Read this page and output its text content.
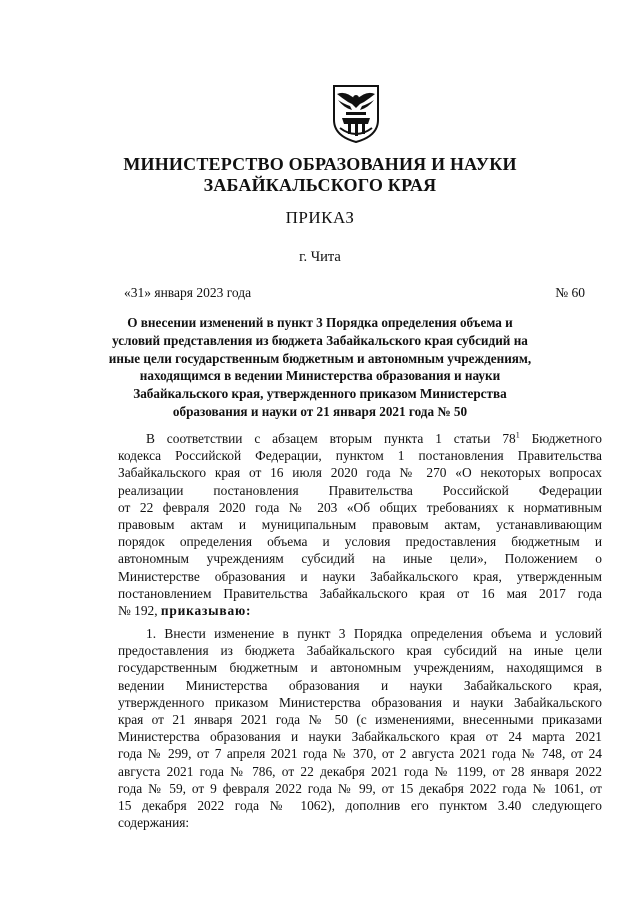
МИНИСТЕРСТВО ОБРАЗОВАНИЯ И НАУКИ
ЗАБАЙКАЛЬСКОГО КРАЯ
ПРИКАЗ
г. Чита
«31» января 2023 года	№ 60
О внесении изменений в пункт 3 Порядка определения объема и
условий представления из бюджета Забайкальского края субсидий на
иные цели государственным бюджетным и автономным учреждениям,
находящимся в ведении Министерства образования и науки
Забайкальского края, утвержденного приказом Министерства
образования и науки от 21 января 2021 года № 50
В соответствии с абзацем вторым пункта 1 статьи $78^1$ Бюджетного
кодекса Российской Федерации, пунктом 1 постановления Правительства
Забайкальского края от 16 июля 2020 года № 270 «О некоторых вопросах
реализации постановления Правительства Российской Федерации
от 22 февраля 2020 года № 203 «Об общих требованиях к нормативным
правовым актам и муниципальным правовым актам, устанавливающим
порядок определения объема и условия предоставления бюджетным и
автономным учреждениям субсидий на иные цели», Положением о
Министерстве образования и науки Забайкальского края, утвержденным
постановлением Правительства Забайкальского края от 16 мая 2017 года
№ 192, приказываю:
1. Внести изменение в пункт 3 Порядка определения объема и условий
предоставления из бюджета Забайкальского края субсидий на иные цели
государственным бюджетным и автономным учреждениям, находящимся в
ведении Министерства образования и науки Забайкальского края,
утвержденного приказом Министерства образования и науки Забайкальского
края от 21 января 2021 года № 50 (с изменениями, внесенными приказами
Министерства образования и науки Забайкальского края от 24 марта 2021
года № 299, от 7 апреля 2021 года № 370, от 2 августа 2021 года № 748, от 24
августа 2021 года № 786, от 22 декабря 2021 года № 1199, от 28 января 2022
года № 59, от 9 февраля 2022 года № 99, от 15 декабря 2022 года № 1061, от
15 декабря 2022 года № 1062), дополнив его пунктом 3.40 следующего
содержания:
